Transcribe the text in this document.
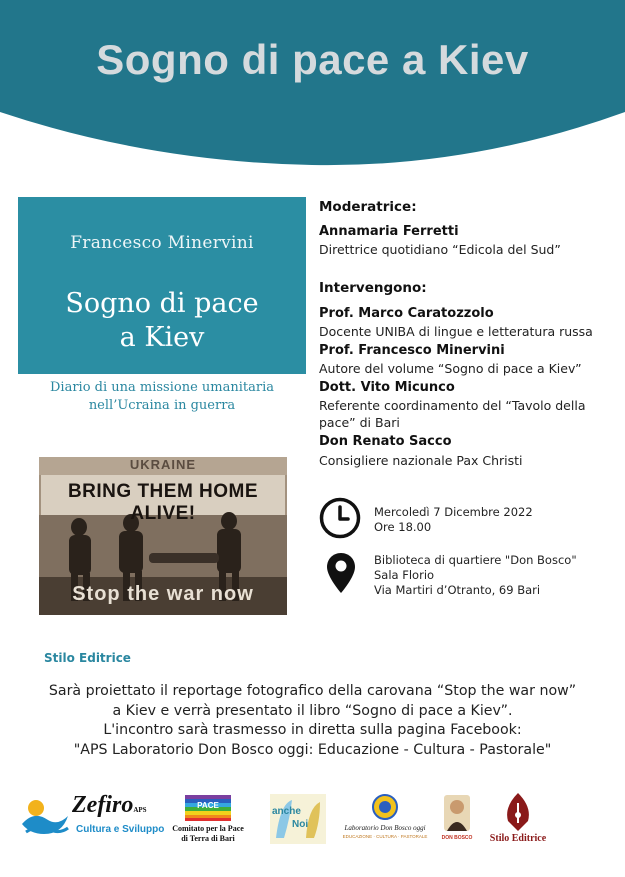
Sogno di pace a Kiev
Francesco Minervini
Sogno di pace
a Kiev
Diario di una missione umanitaria
nell’Ucraina in guerra
UKRAINE
BRING THEM HOME ALIVE!
Stop the war now
Moderatrice:
Annamaria Ferretti
Direttrice quotidiano “Edicola del Sud”
Intervengono:
Prof. Marco Caratozzolo
Docente UNIBA di lingue e letteratura russa
Prof. Francesco Minervini
Autore del volume “Sogno di pace a Kiev”
Dott. Vito Micunco
Referente coordinamento del “Tavolo della
pace” di Bari
Don Renato Sacco
Consigliere nazionale Pax Christi
Mercoledì 7 Dicembre 2022
Ore 18.00
Biblioteca di quartiere "Don Bosco"
Sala Florio
Via Martiri d’Otranto, 69 Bari
Stilo Editrice
Sarà proiettato il reportage fotografico della carovana “Stop the war now”
a Kiev e verrà presentato il libro “Sogno di pace a Kiev”.
L'incontro sarà trasmesso in diretta sulla pagina Facebook:
"APS Laboratorio Don Bosco oggi: Educazione - Cultura - Pastorale"
ZefiroAPS
Cultura e Sviluppo
PACE
Comitato per la Pace
di Terra di Bari
anche
Noi	Laboratorio Don Bosco oggi
EDUCAZIONE · CULTURA · PASTORALE	DON BOSCO	Stilo Editrice
